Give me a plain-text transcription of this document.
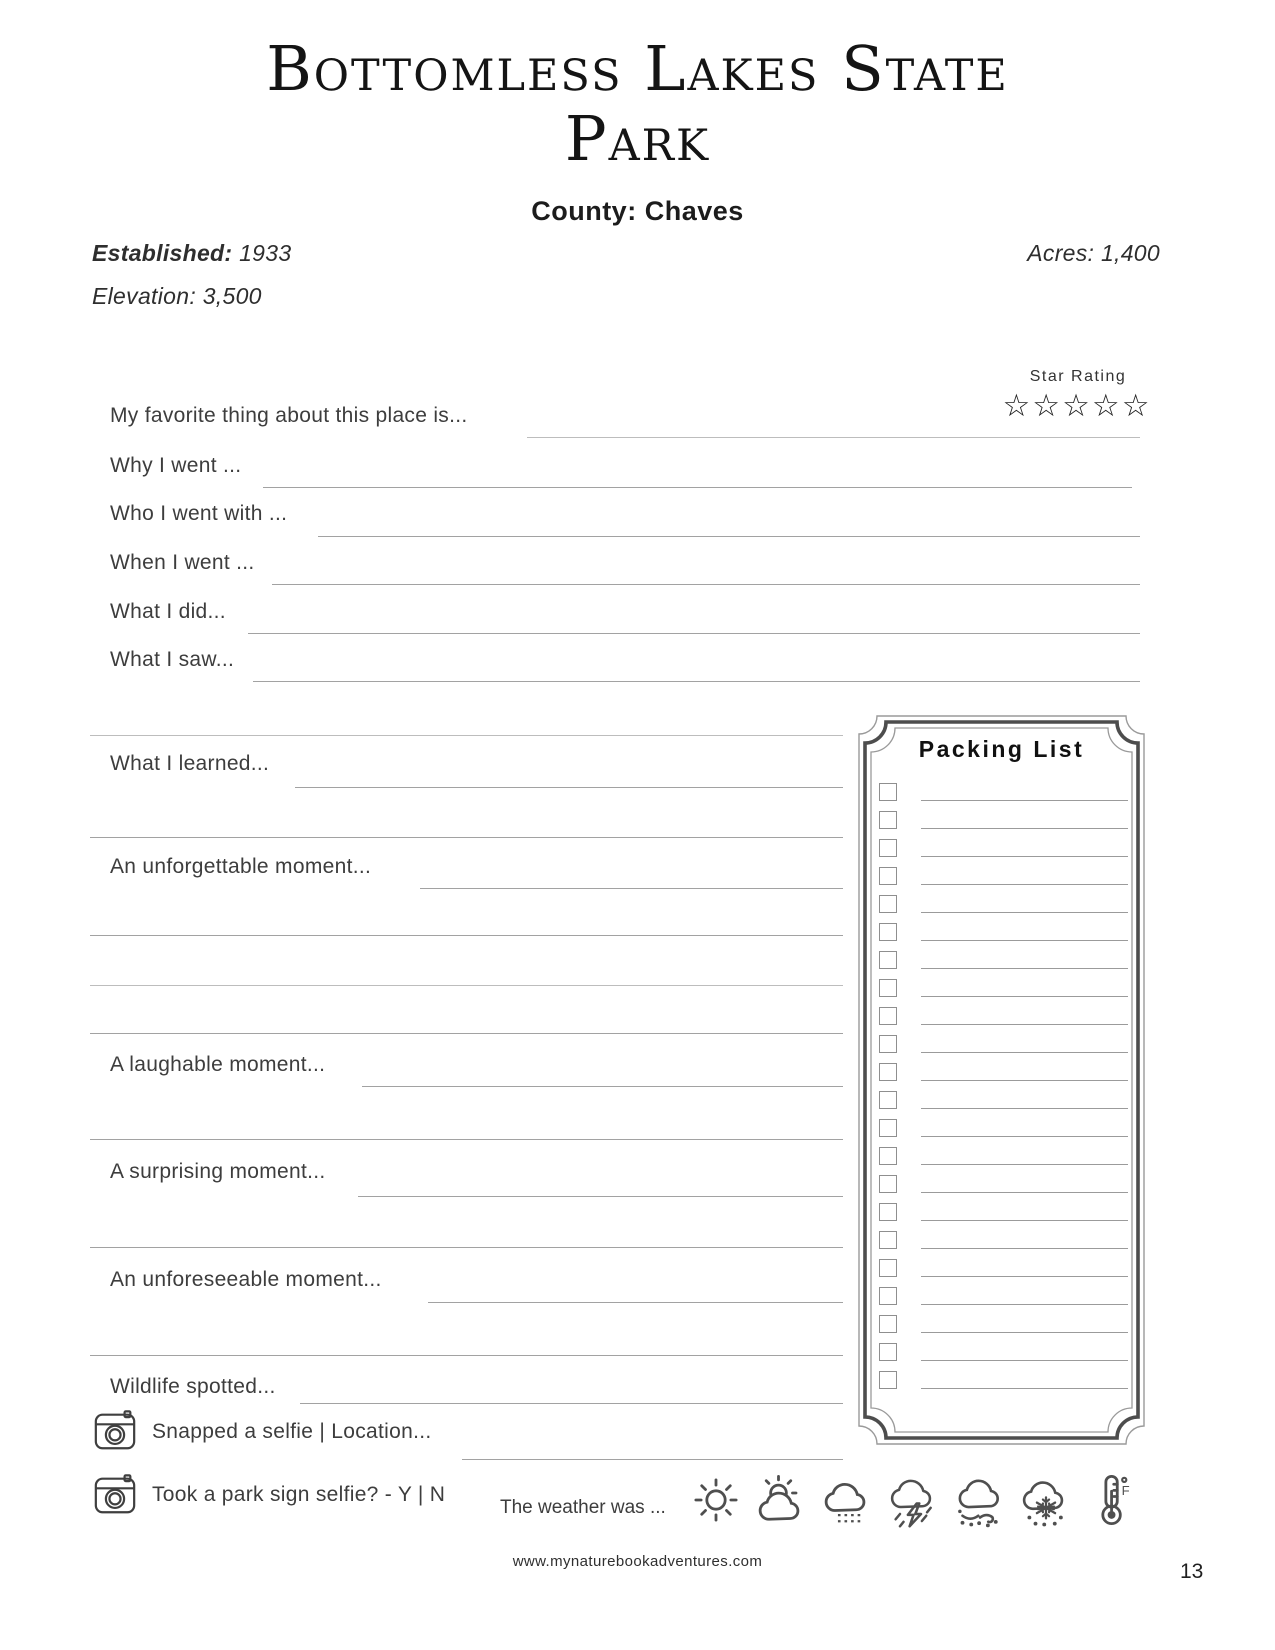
Bottomless Lakes State
Park
County: Chaves
Established: 1933
Elevation: 3,500
Acres: 1,400
Star Rating
☆☆☆☆☆
My favorite thing about this place is...
Why I went ...
Who I went with ...
When I went ...
What I did...
What I saw...
What I learned...
An unforgettable moment...
A laughable moment...
A surprising moment...
An unforeseeable moment...
Wildlife spotted...
Snapped a selfie | Location...
Took a park sign selfie? - Y | N
The weather was ...
F
Packing List
www.mynaturebookadventures.com	13
